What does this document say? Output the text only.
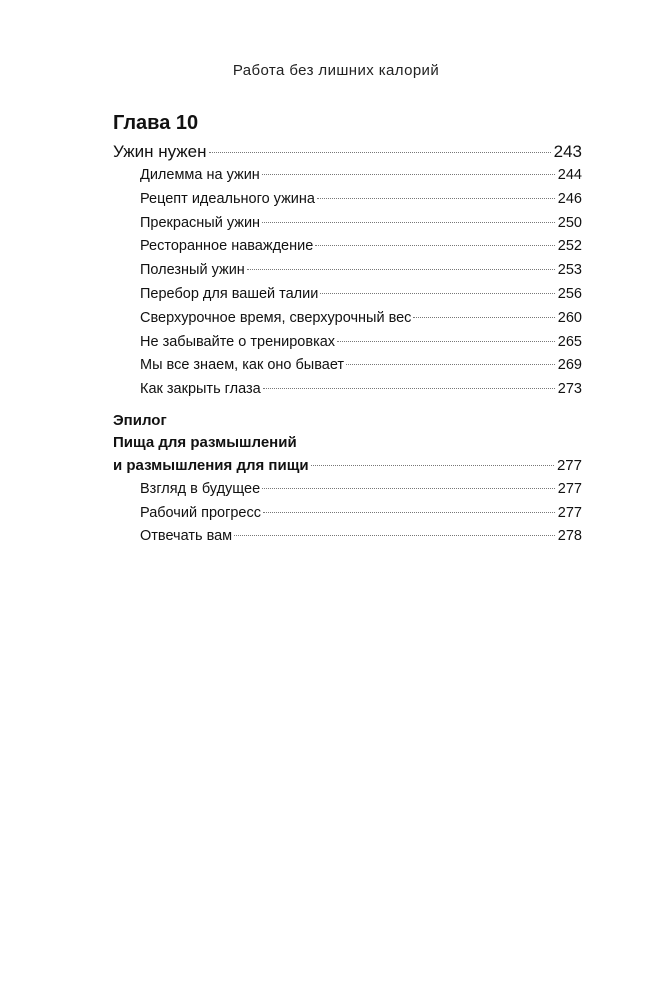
Работа без лишних калорий
Глава 10
Ужин нужен	243
Дилемма на ужин	244
Рецепт идеального ужина	246
Прекрасный ужин	250
Ресторанное наваждение	252
Полезный ужин	253
Перебор для вашей талии	256
Сверхурочное время, сверхурочный вес	260
Не забывайте о тренировках	265
Мы все знаем, как оно бывает	269
Как закрыть глаза	273
Эпилог
Пища для размышлений
и размышления для пищи	277
Взгляд в будущее	277
Рабочий прогресс	277
Отвечать вам	278
